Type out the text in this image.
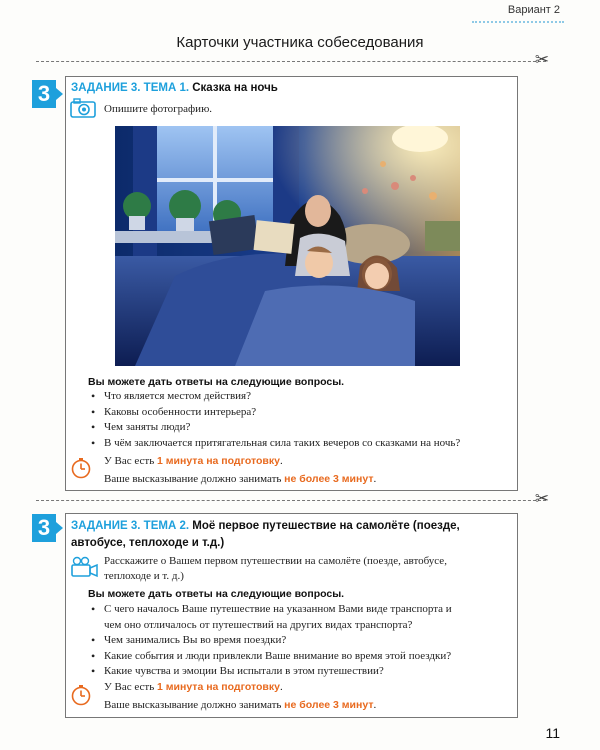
Вариант 2
Карточки участника собеседования
✂
3	ЗАДАНИЕ 3. ТЕМА 1. Сказка на ночь
Опишите фотографию.
Вы можете дать ответы на следующие вопросы.
• Что является местом действия?
• Каковы особенности интерьера?
• Чем заняты люди?
• В чём заключается притягательная сила таких вечеров со сказками на ночь?
У Вас есть 1 минута на подготовку.
Ваше высказывание должно занимать не более 3 минут.
✂
3	ЗАДАНИЕ 3. ТЕМА 2. Моё первое путешествие на самолёте (поезде,
автобусе, теплоходе и т.д.)
Расскажите о Вашем первом путешествии на самолёте (поезде, автобусе,
теплоходе и т. д.)
Вы можете дать ответы на следующие вопросы.
• С чего началось Ваше путешествие на указанном Вами виде транспорта и
чем оно отличалось от путешествий на других видах транспорта?
• Чем занимались Вы во время поездки?
• Какие события и люди привлекли Ваше внимание во время этой поездки?
• Какие чувства и эмоции Вы испытали в этом путешествии?
У Вас есть 1 минута на подготовку.
Ваше высказывание должно занимать не более 3 минут.
11
